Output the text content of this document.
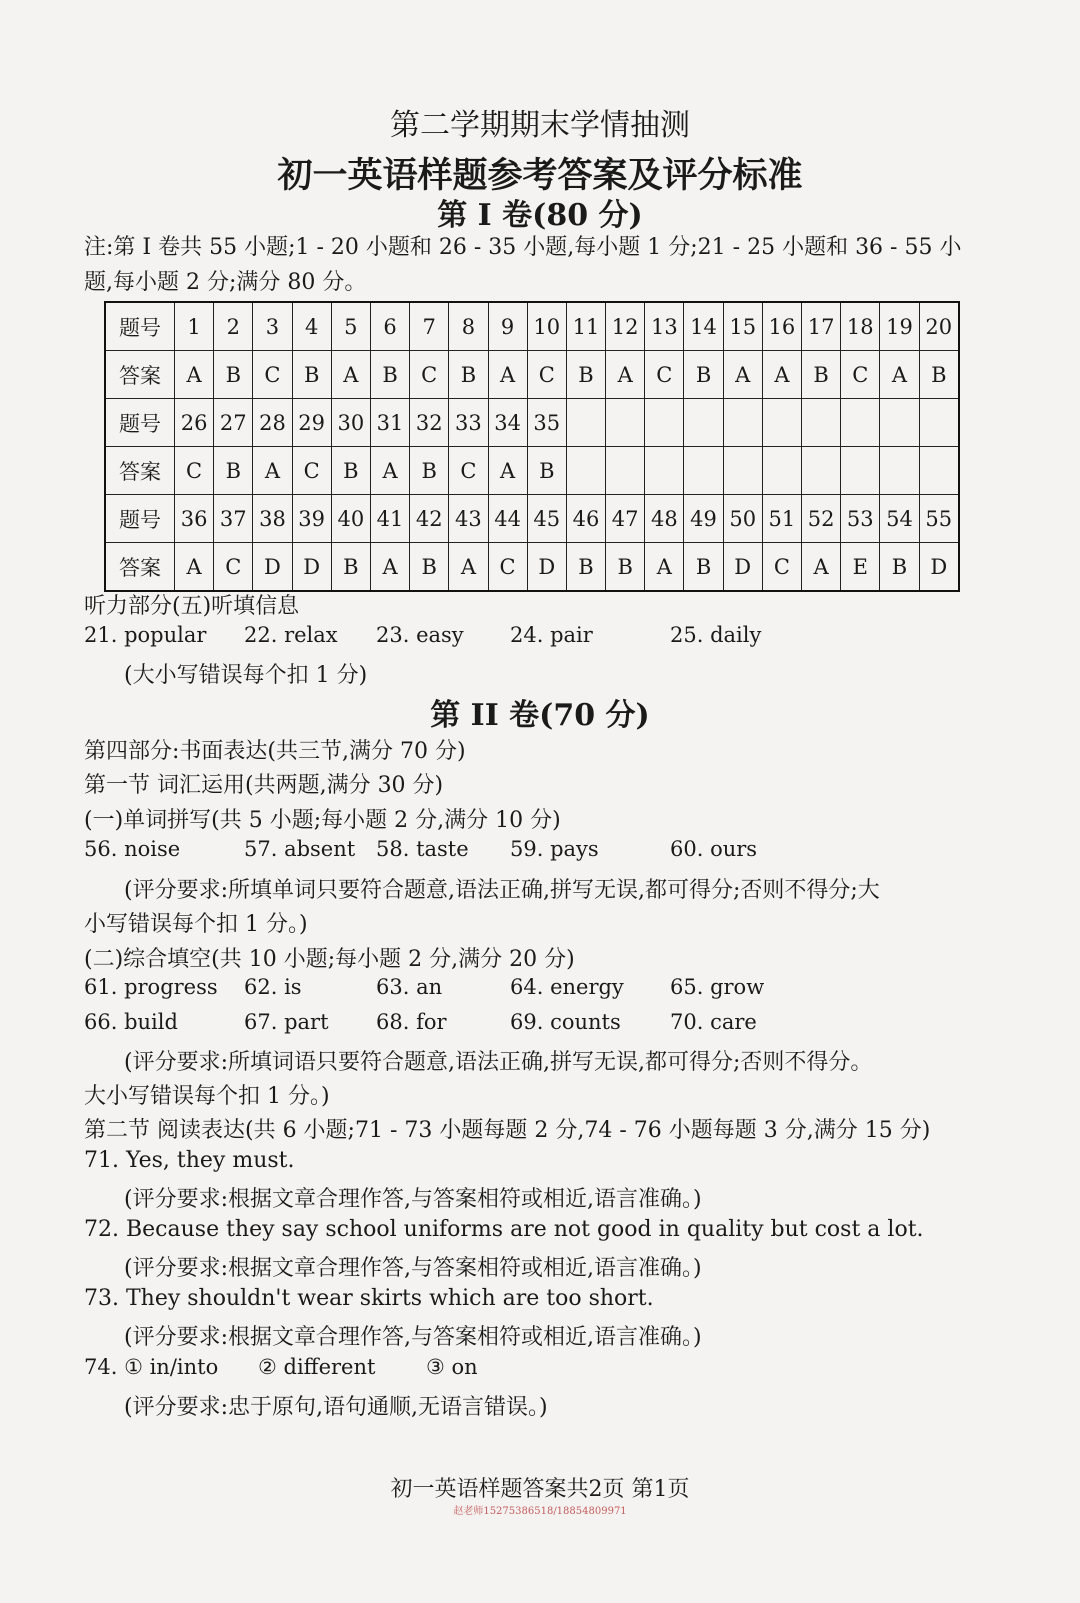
第二学期期末学情抽测
初一英语样题参考答案及评分标准
第 I 卷(80 分)
注:第 I 卷共 55 小题;1 - 20 小题和 26 - 35 小题,每小题 1 分;21 - 25 小题和 36 - 55 小
题,每小题 2 分;满分 80 分。
题号	1	2	3	4	5	6	7	8	9	10	11	12	13	14	15	16	17	18	19	20
答案	A	B	C	B	A	B	C	B	A	C	B	A	C	B	A	A	B	C	A	B
题号	26	27	28	29	30	31	32	33	34	35										
答案	C	B	A	C	B	A	B	C	A	B										
题号	36	37	38	39	40	41	42	43	44	45	46	47	48	49	50	51	52	53	54	55
答案	A	C	D	D	B	A	B	A	C	D	B	B	A	B	D	C	A	E	B	D
听力部分(五)听填信息
21. popular 22. relax 23. easy 24. pair	25. daily
(大小写错误每个扣 1 分)
第 II 卷(70 分)
第四部分:书面表达(共三节,满分 70 分)
第一节 词汇运用(共两题,满分 30 分)
(一)单词拼写(共 5 小题;每小题 2 分,满分 10 分)
56. noise	57. absent 58. taste 59. pays	60. ours
(评分要求:所填单词只要符合题意,语法正确,拼写无误,都可得分;否则不得分;大
小写错误每个扣 1 分。)
(二)综合填空(共 10 小题;每小题 2 分,满分 20 分)
61. progress 62. is	63. an	64. energy 65. grow
66. build	67. part 68. for	69. counts 70. care
(评分要求:所填词语只要符合题意,语法正确,拼写无误,都可得分;否则不得分。
大小写错误每个扣 1 分。)
第二节 阅读表达(共 6 小题;71 - 73 小题每题 2 分,74 - 76 小题每题 3 分,满分 15 分)
71. Yes, they must.
(评分要求:根据文章合理作答,与答案相符或相近,语言准确。)
72. Because they say school uniforms are not good in quality but cost a lot.
(评分要求:根据文章合理作答,与答案相符或相近,语言准确。)
73. They shouldn't wear skirts which are too short.
(评分要求:根据文章合理作答,与答案相符或相近,语言准确。)
74. ① in/into ② different ③ on
(评分要求:忠于原句,语句通顺,无语言错误。)
初一英语样题答案共2页 第1页
赵老师15275386518/18854809971
